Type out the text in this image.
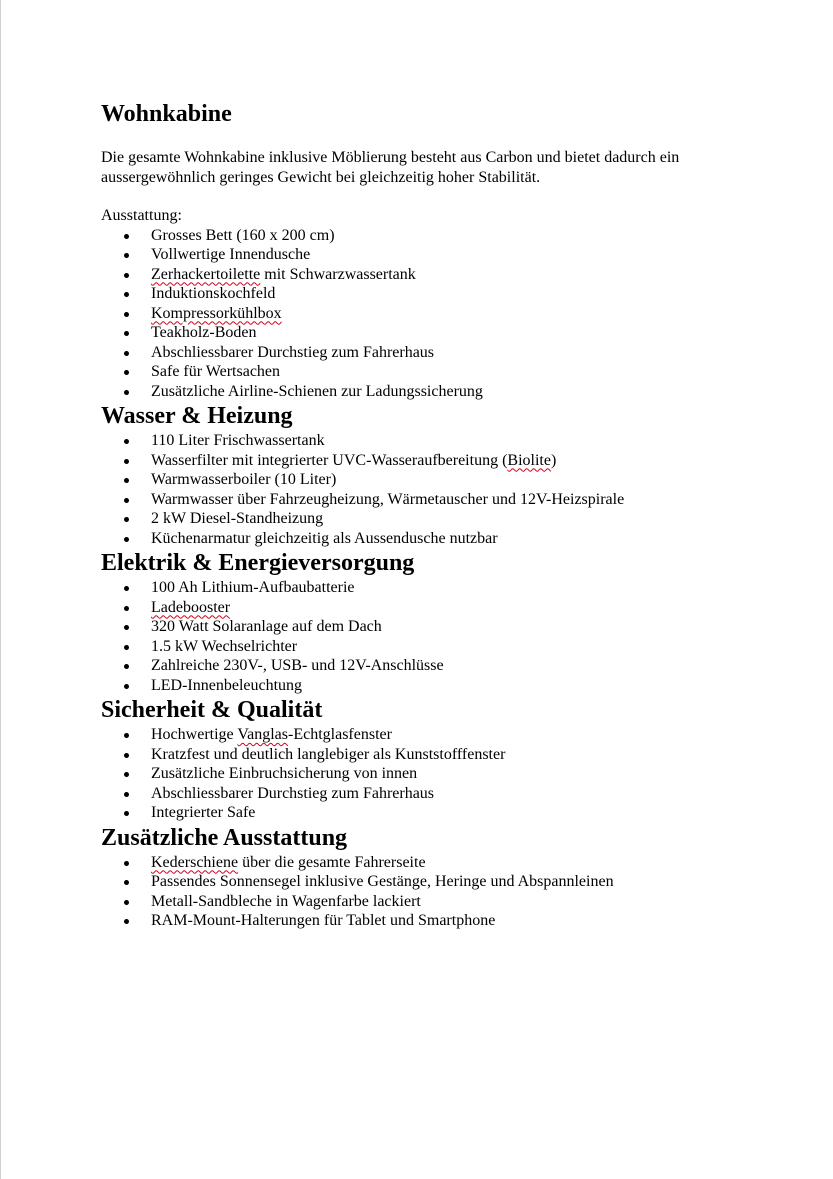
Wohnkabine

Die gesamte Wohnkabine inklusive Möblierung besteht aus Carbon und bietet dadurch ein aussergewöhnlich geringes Gewicht bei gleichzeitig hoher Stabilität.

Ausstattung:

Grosses Bett (160 x 200 cm)
Vollwertige Innendusche
Zerhackertoilette mit Schwarzwassertank
Induktionskochfeld
Kompressorkühlbox
Teakholz-Boden
Abschliessbarer Durchstieg zum Fahrerhaus
Safe für Wertsachen
Zusätzliche Airline-Schienen zur Ladungssicherung
Wasser & Heizung
110 Liter Frischwassertank
Wasserfilter mit integrierter UVC-Wasseraufbereitung (Biolite)
Warmwasserboiler (10 Liter)
Warmwasser über Fahrzeugheizung, Wärmetauscher und 12V-Heizspirale
2 kW Diesel-Standheizung
Küchenarmatur gleichzeitig als Aussendusche nutzbar
Elektrik & Energieversorgung
100 Ah Lithium-Aufbaubatterie
Ladebooster
320 Watt Solaranlage auf dem Dach
1.5 kW Wechselrichter
Zahlreiche 230V-, USB- und 12V-Anschlüsse
LED-Innenbeleuchtung
Sicherheit & Qualität
Hochwertige Vanglas-Echtglasfenster
Kratzfest und deutlich langlebiger als Kunststofffenster
Zusätzliche Einbruchsicherung von innen
Abschliessbarer Durchstieg zum Fahrerhaus
Integrierter Safe
Zusätzliche Ausstattung
Kederschiene über die gesamte Fahrerseite
Passendes Sonnensegel inklusive Gestänge, Heringe und Abspannleinen
Metall-Sandbleche in Wagenfarbe lackiert
RAM-Mount-Halterungen für Tablet und Smartphone
